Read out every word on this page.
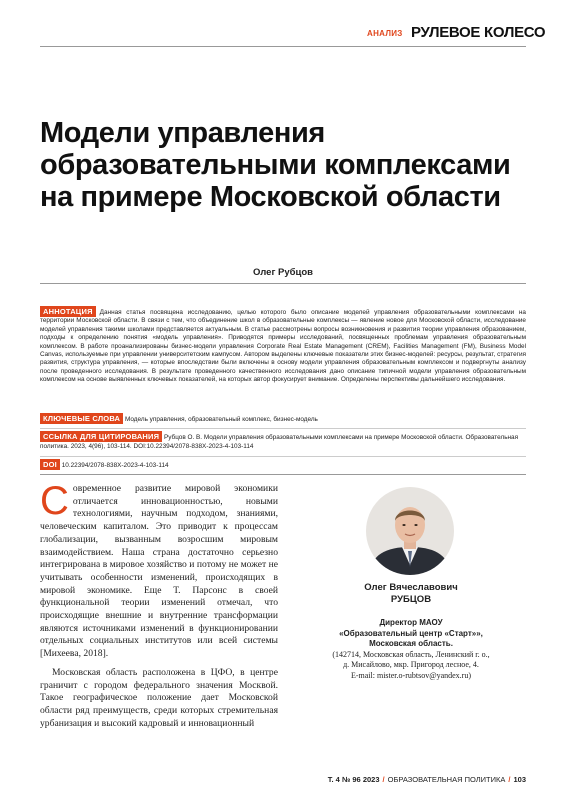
АНАЛИЗ РУЛЕВОЕ КОЛЕСО
Модели управления образовательными комплексами на примере Московской области
Олег Рубцов
АННОТАЦИЯ Данная статья посвящена исследованию, целью которого было описание моделей управления образовательными комплексами на территории Московской области. В связи с тем, что объединение школ в образовательные комплексы — явление новое для Московской области, исследование моделей управления такими школами представляется актуальным. В статье рассмотрены вопросы возникновения и развития теории управления образованием, подходы к определению понятия «модель управления». Приводятся примеры исследований, посвященных проблемам управления образовательным комплексом. В работе проанализированы бизнес-модели управления Corporate Real Estate Management (CREM), Facilities Management (FM), Business Model Canvas, используемые при управлении университетским кампусом. Автором выделены ключевые показатели этих бизнес-моделей: ресурсы, результат, стратегия развития, структура управления, — которые впоследствии были включены в основу модели управления образовательным комплексом и подвергнуты анализу после проведенного исследования. В результате проведенного качественного исследования дано описание типичной модели управления образовательным комплексом на основе выявленных ключевых показателей, на которых автор фокусирует внимание. Определены перспективы дальнейшего исследования.
КЛЮЧЕВЫЕ СЛОВА Модель управления, образовательный комплекс, бизнес-модель
ССЫЛКА ДЛЯ ЦИТИРОВАНИЯ Рубцов О. В. Модели управления образовательными комплексами на примере Московской области. Образовательная политика. 2023, 4(96), 103-114. DOI:10.22394/2078-838X-2023-4-103-114
DOI 10.22394/2078-838X-2023-4-103-114

Современное развитие мировой экономики отличается инновационностью, новыми технологиями, научным подходом, знаниями, человеческим капиталом. Это приводит к процессам глобализации, вызванным возросшим мировым взаимодействием. Наша страна достаточно серьезно интегрирована в мировое хозяйство и потому не может не учитывать особенности изменений, происходящих в мировой экономике. Еще Т. Парсонс в своей функциональной теории изменений отмечал, что происходящие внешние и внутренние трансформации являются источниками изменений в функционировании отдельных социальных институтов или всей системы [Михеева, 2018].

Московская область расположена в ЦФО, в центре граничит с городом федерального значения Москвой. Такое географическое положение дает Московской области ряд преимуществ, среди которых стремительная урбанизация и высокий кадровый и инновационный

Олег Вячеславович
РУБЦОВ
Директор МАОУ
«Образовательный центр «Старт»»,
Московская область.
(142714, Московская область, Ленинский г. о.,
д. Мисайлово, мкр. Пригород лесное, 4.
E-mail: mister.o-rubtsov@yandex.ru)
Т. 4 № 96 2023 / ОБРАЗОВАТЕЛЬНАЯ ПОЛИТИКА / 103
